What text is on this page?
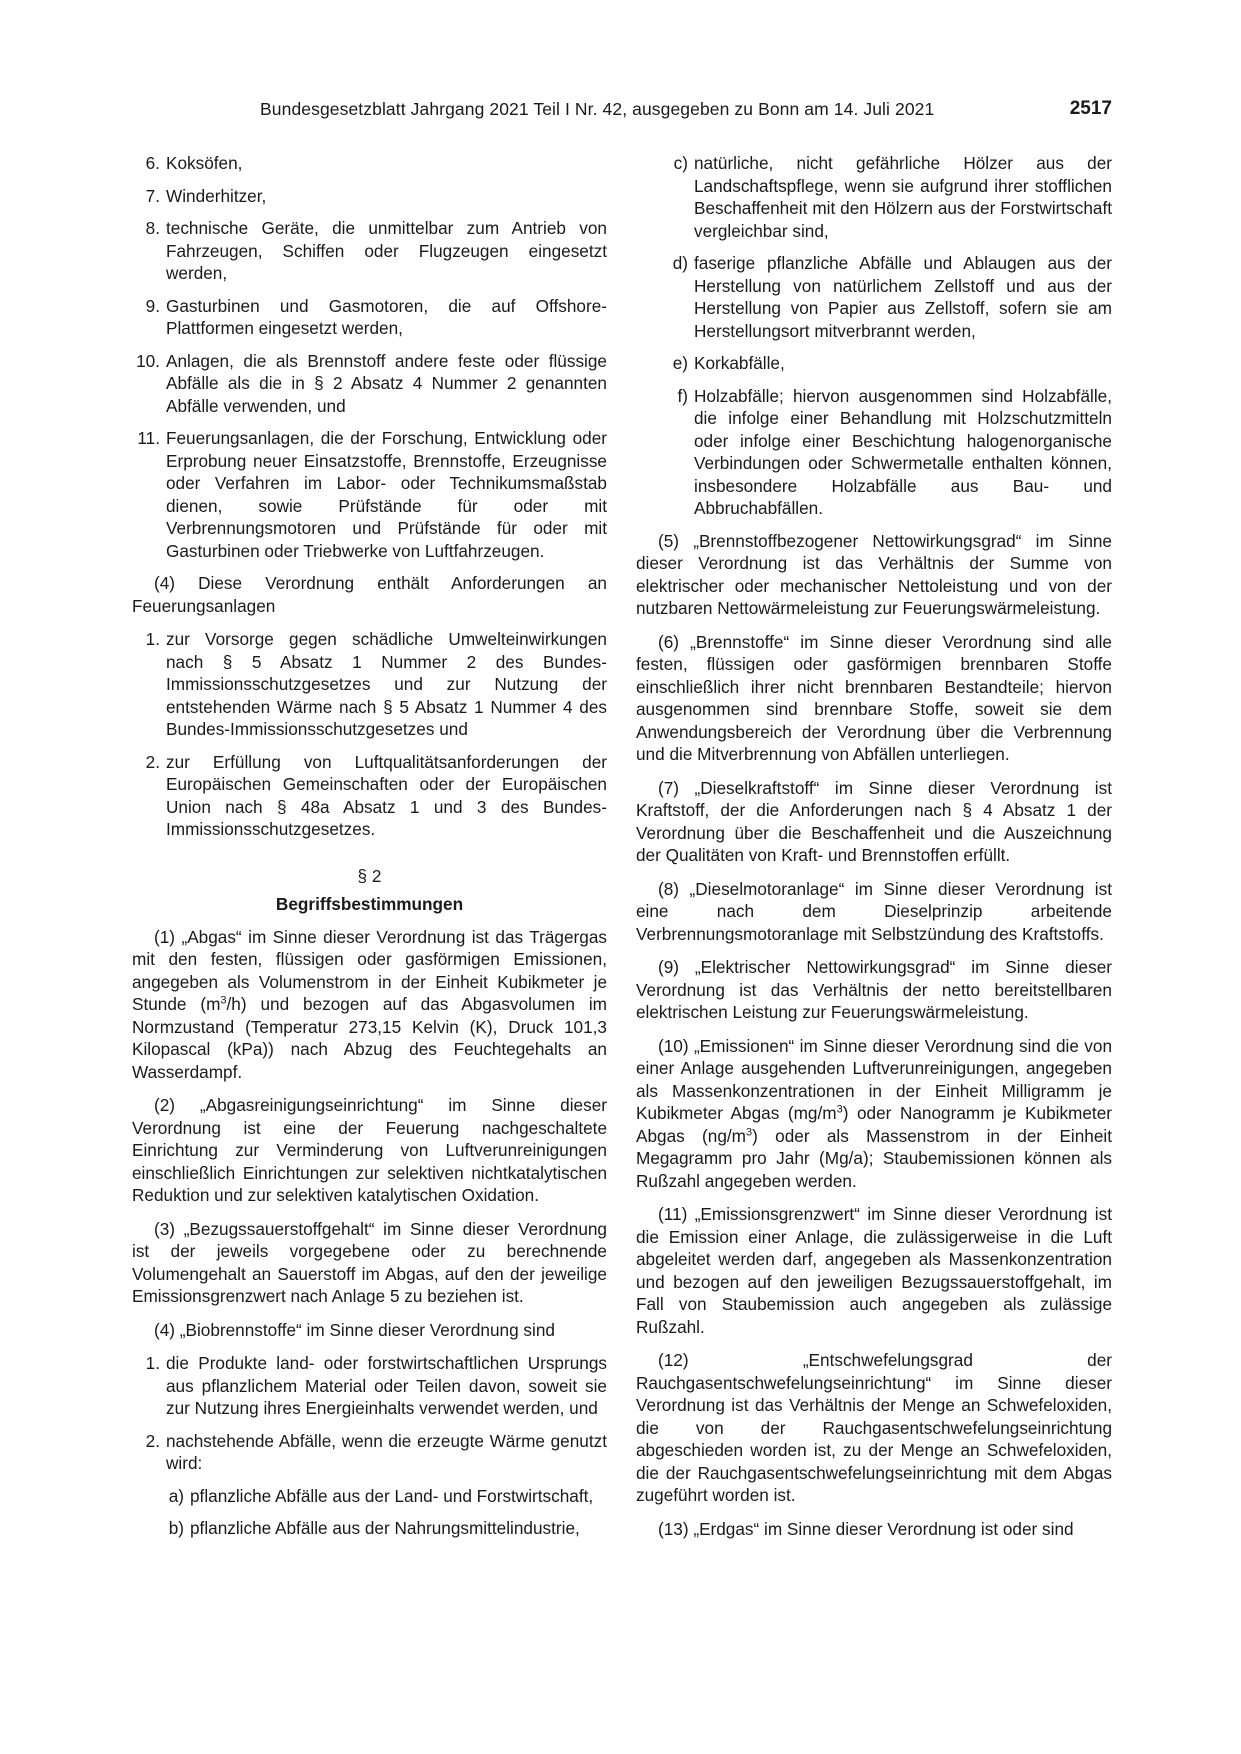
Bundesgesetzblatt Jahrgang 2021 Teil I Nr. 42, ausgegeben zu Bonn am 14. Juli 2021	2517
6. Koksöfen,
7. Winderhitzer,
8. technische Geräte, die unmittelbar zum Antrieb von Fahrzeugen, Schiffen oder Flugzeugen eingesetzt werden,
9. Gasturbinen und Gasmotoren, die auf Offshore-Plattformen eingesetzt werden,
10. Anlagen, die als Brennstoff andere feste oder flüssige Abfälle als die in § 2 Absatz 4 Nummer 2 genannten Abfälle verwenden, und
11. Feuerungsanlagen, die der Forschung, Entwicklung oder Erprobung neuer Einsatzstoffe, Brennstoffe, Erzeugnisse oder Verfahren im Labor- oder Technikumsmaßstab dienen, sowie Prüfstände für oder mit Verbrennungsmotoren und Prüfstände für oder mit Gasturbinen oder Triebwerke von Luftfahrzeugen.

(4) Diese Verordnung enthält Anforderungen an Feuerungsanlagen

1. zur Vorsorge gegen schädliche Umwelteinwirkungen nach § 5 Absatz 1 Nummer 2 des Bundes-Immissionsschutzgesetzes und zur Nutzung der entstehenden Wärme nach § 5 Absatz 1 Nummer 4 des Bundes-Immissionsschutzgesetzes und
2. zur Erfüllung von Luftqualitätsanforderungen der Europäischen Gemeinschaften oder der Europäischen Union nach § 48a Absatz 1 und 3 des Bundes-Immissionsschutzgesetzes.

§ 2

Begriffsbestimmungen

(1) „Abgas“ im Sinne dieser Verordnung ist das Trägergas mit den festen, flüssigen oder gasförmigen Emissionen, angegeben als Volumenstrom in der Einheit Kubikmeter je Stunde $(m^3/h)$ und bezogen auf das Abgasvolumen im Normzustand (Temperatur 273,15 Kelvin (K), Druck 101,3 Kilopascal (kPa)) nach Abzug des Feuchtegehalts an Wasserdampf.

(2) „Abgasreinigungseinrichtung“ im Sinne dieser Verordnung ist eine der Feuerung nachgeschaltete Einrichtung zur Verminderung von Luftverunreinigungen einschließlich Einrichtungen zur selektiven nichtkatalytischen Reduktion und zur selektiven katalytischen Oxidation.

(3) „Bezugssauerstoffgehalt“ im Sinne dieser Verordnung ist der jeweils vorgegebene oder zu berechnende Volumengehalt an Sauerstoff im Abgas, auf den der jeweilige Emissionsgrenzwert nach Anlage 5 zu beziehen ist.

(4) „Biobrennstoffe“ im Sinne dieser Verordnung sind

1. die Produkte land- oder forstwirtschaftlichen Ursprungs aus pflanzlichem Material oder Teilen davon, soweit sie zur Nutzung ihres Energieinhalts verwendet werden, und
2. nachstehende Abfälle, wenn die erzeugte Wärme genutzt wird:
a) pflanzliche Abfälle aus der Land- und Forstwirtschaft,
b) pflanzliche Abfälle aus der Nahrungsmittelindustrie,
c) natürliche, nicht gefährliche Hölzer aus der Landschaftspflege, wenn sie aufgrund ihrer stofflichen Beschaffenheit mit den Hölzern aus der Forstwirtschaft vergleichbar sind,
d) faserige pflanzliche Abfälle und Ablaugen aus der Herstellung von natürlichem Zellstoff und aus der Herstellung von Papier aus Zellstoff, sofern sie am Herstellungsort mitverbrannt werden,
e) Korkabfälle,
f) Holzabfälle; hiervon ausgenommen sind Holzabfälle, die infolge einer Behandlung mit Holzschutzmitteln oder infolge einer Beschichtung halogenorganische Verbindungen oder Schwermetalle enthalten können, insbesondere Holzabfälle aus Bau- und Abbruchabfällen.

(5) „Brennstoffbezogener Nettowirkungsgrad“ im Sinne dieser Verordnung ist das Verhältnis der Summe von elektrischer oder mechanischer Nettoleistung und von der nutzbaren Nettowärmeleistung zur Feuerungswärmeleistung.

(6) „Brennstoffe“ im Sinne dieser Verordnung sind alle festen, flüssigen oder gasförmigen brennbaren Stoffe einschließlich ihrer nicht brennbaren Bestandteile; hiervon ausgenommen sind brennbare Stoffe, soweit sie dem Anwendungsbereich der Verordnung über die Verbrennung und die Mitverbrennung von Abfällen unterliegen.

(7) „Dieselkraftstoff“ im Sinne dieser Verordnung ist Kraftstoff, der die Anforderungen nach § 4 Absatz 1 der Verordnung über die Beschaffenheit und die Auszeichnung der Qualitäten von Kraft- und Brennstoffen erfüllt.

(8) „Dieselmotoranlage“ im Sinne dieser Verordnung ist eine nach dem Dieselprinzip arbeitende Verbrennungsmotoranlage mit Selbstzündung des Kraftstoffs.

(9) „Elektrischer Nettowirkungsgrad“ im Sinne dieser Verordnung ist das Verhältnis der netto bereitstellbaren elektrischen Leistung zur Feuerungswärmeleistung.

(10) „Emissionen“ im Sinne dieser Verordnung sind die von einer Anlage ausgehenden Luftverunreinigungen, angegeben als Massenkonzentrationen in der Einheit Milligramm je Kubikmeter Abgas $(mg/m^3)$ oder Nanogramm je Kubikmeter Abgas $(ng/m^3)$ oder als Massenstrom in der Einheit Megagramm pro Jahr (Mg/a); Staubemissionen können als Rußzahl angegeben werden.

(11) „Emissionsgrenzwert“ im Sinne dieser Verordnung ist die Emission einer Anlage, die zulässigerweise in die Luft abgeleitet werden darf, angegeben als Massenkonzentration und bezogen auf den jeweiligen Bezugssauerstoffgehalt, im Fall von Staubemission auch angegeben als zulässige Rußzahl.

(12) „Entschwefelungsgrad der Rauchgasentschwefelungseinrichtung“ im Sinne dieser Verordnung ist das Verhältnis der Menge an Schwefeloxiden, die von der Rauchgasentschwefelungseinrichtung abgeschieden worden ist, zu der Menge an Schwefeloxiden, die der Rauchgasentschwefelungseinrichtung mit dem Abgas zugeführt worden ist.

(13) „Erdgas“ im Sinne dieser Verordnung ist oder sind
